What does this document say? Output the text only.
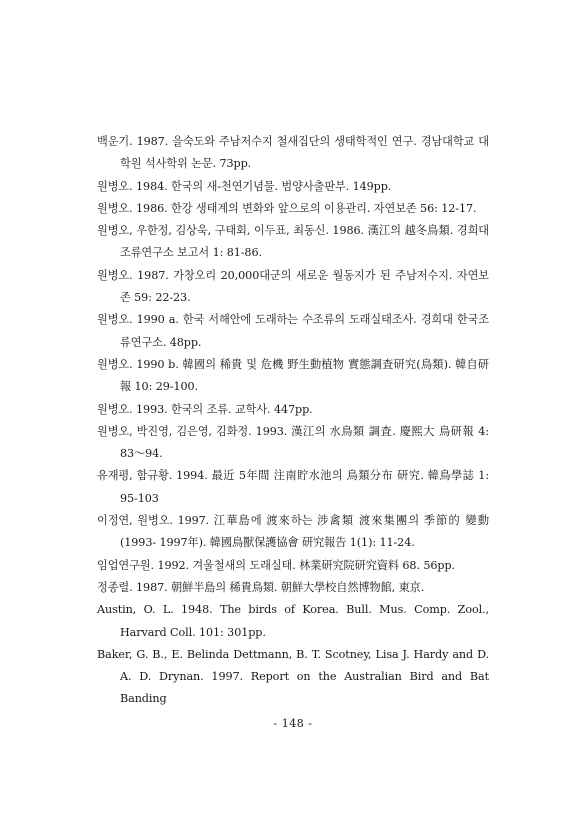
백운기. 1987. 을숙도와 주남저수지 철새집단의 생태학적인 연구. 경남대학교 대학원 석사학위 논문. 73pp.
원병오. 1984. 한국의 새-천연기념물. 범양사출판부. 149pp.
원병오. 1986. 한강 생태계의 변화와 앞으로의 이용관리. 자연보존 56: 12-17.
원병오, 우한정, 김상욱, 구태회, 이두표, 최동신. 1986. 漢江의 越冬鳥類. 경희대조류연구소 보고서 1: 81-86.
원병오. 1987. 가창오리 20,000대군의 새로운 월동지가 된 주남저수지. 자연보존 59: 22-23.
원병오. 1990 a. 한국 서해안에 도래하는 수조류의 도래실태조사. 경희대 한국조류연구소. 48pp.
원병오. 1990 b. 韓國의 稀貴 및 危機 野生動植物 實態調査研究(鳥類). 韓自研報 10: 29-100.
원병오. 1993. 한국의 조류. 교학사. 447pp.
원병오, 박진영, 김은영, 김화정. 1993. 漢江의 水鳥類 調査. 慶熙大 鳥研報 4: 83～94.
유재평, 함규황. 1994. 最近 5年間 注南貯水池의 鳥類分布 研究. 韓鳥學誌 1: 95-103
이정연, 원병오. 1997. 江華島에 渡來하는 涉禽類 渡來集團의 季節的 變動 (1993- 1997年). 韓國鳥獸保護協會 研究報告 1(1): 11-24.
임업연구원. 1992. 겨울철새의 도래실태. 林業研究院研究資料 68. 56pp.
정종렬. 1987. 朝鮮半島의 稀貴鳥類. 朝鮮大學校自然博物館, 東京.
Austin, O. L. 1948. The birds of Korea. Bull. Mus. Comp. Zool., Harvard Coll. 101: 301pp.
Baker, G. B., E. Belinda Dettmann, B. T. Scotney, Lisa J. Hardy and D. A. D. Drynan. 1997. Report on the Australian Bird and Bat Banding
- 148 -
